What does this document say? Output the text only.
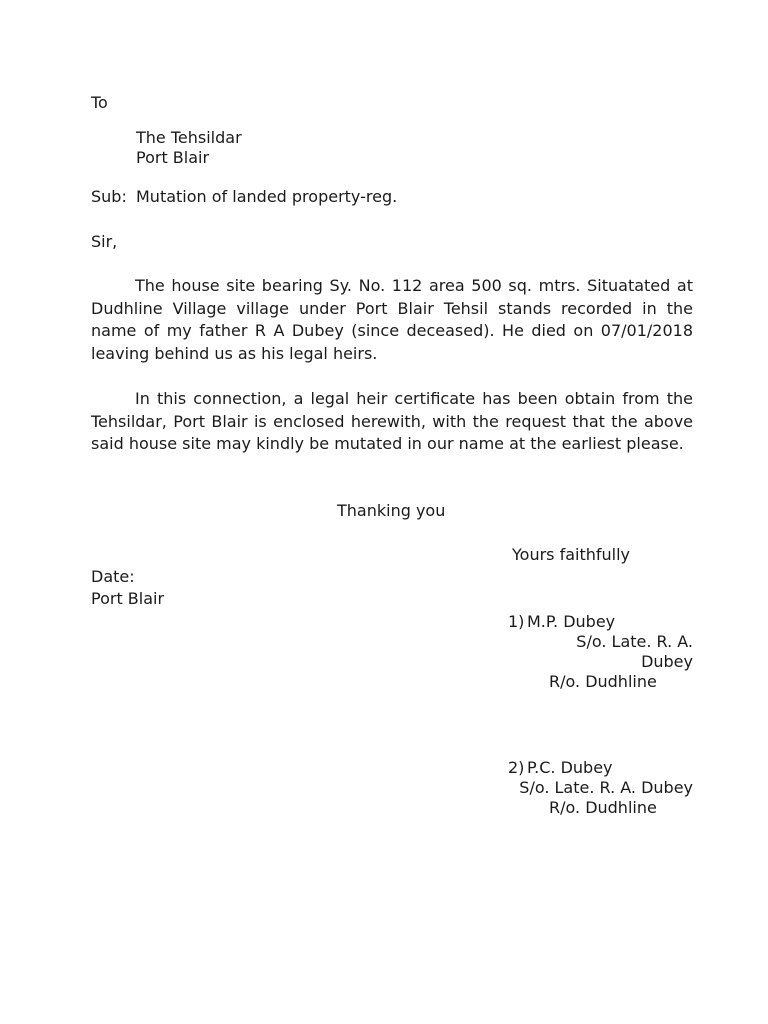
To
The Tehsildar
Port Blair
Sub: Mutation of landed property-reg.
Sir,

The house site bearing Sy. No. 112 area 500 sq. mtrs. Situatated at Dudhline Village village under Port Blair Tehsil stands recorded in the name of my father R A Dubey (since deceased). He died on 07/01/2018 leaving behind us as his legal heirs.

In this connection, a legal heir certificate has been obtain from the Tehsildar, Port Blair is enclosed herewith, with the request that the above said house site may kindly be mutated in our name at the earliest please.

Thanking you
Yours faithfully
Date:
Port Blair
1) M.P. Dubey
S/o. Late. R. A.
Dubey
R/o. Dudhline
2) P.C. Dubey
S/o. Late. R. A. Dubey
R/o. Dudhline
